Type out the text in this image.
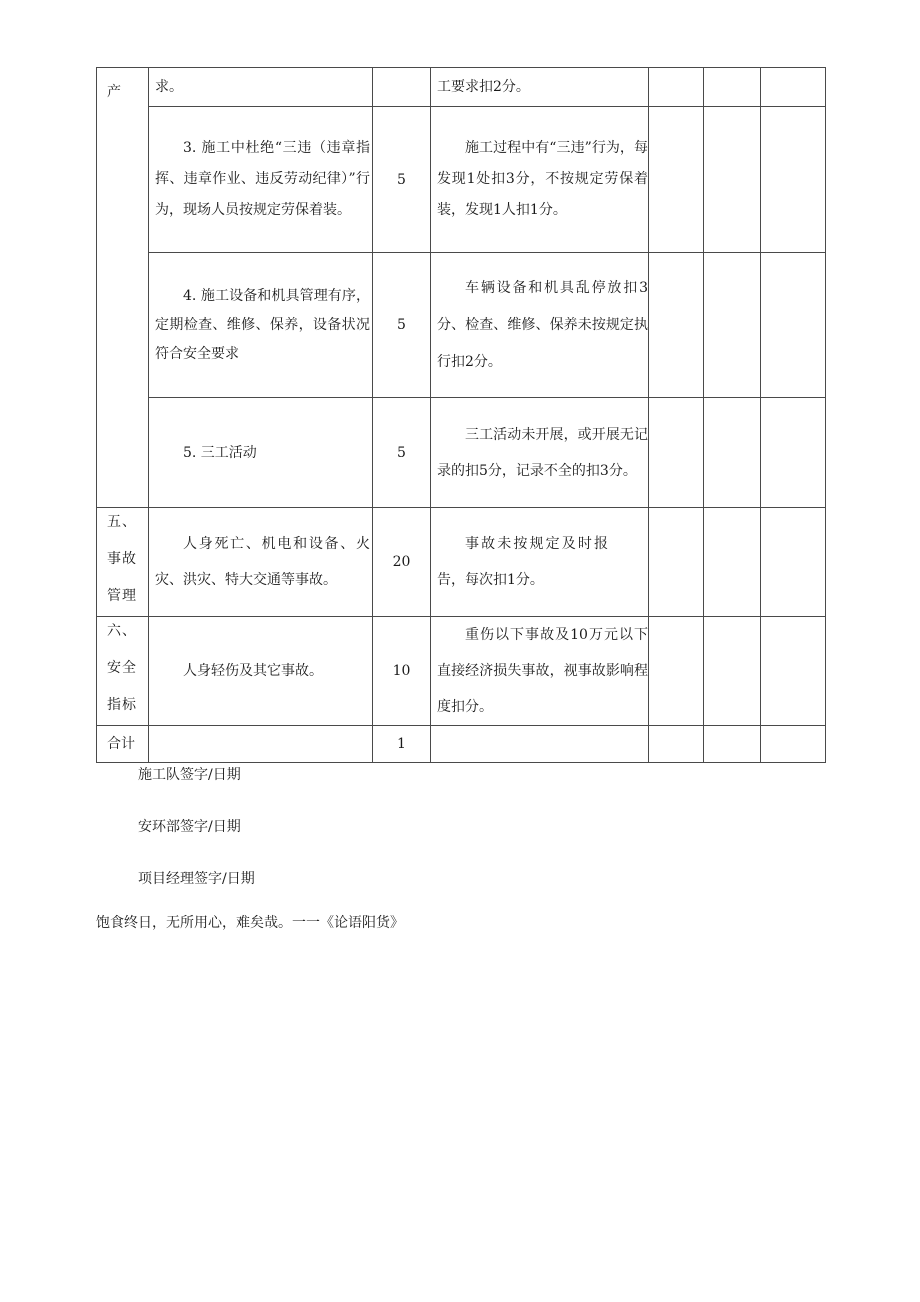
产	求。		工要求扣2分。			

	3. 施工中杜绝“三违（违章指挥、违章作业、违反劳动纪律）”行为，现场人员按规定劳保着装。	5	施工过程中有“三违”行为，每发现1处扣3分，不按规定劳保着装，发现1人扣1分。			

	4. 施工设备和机具管理有序，定期检查、维修、保养，设备状况符合安全要求	5	车辆设备和机具乱停放扣3分、检查、维修、保养未按规定执行扣2分。			

	5. 三工活动	5	三工活动未开展，或开展无记录的扣5分，记录不全的扣3分。			

五、事故管理	人身死亡、机电和设备、火灾、洪灾、特大交通等事故。	20	事故未按规定及时报告，每次扣1分。			

六、安全指标	人身轻伤及其它事故。	10	重伤以下事故及10万元以下直接经济损失事故，视事故影响程度扣分。			

合计		1				
施工队签字/日期
安环部签字/日期
项目经理签字/日期
饱食终日，无所用心，难矣哉。一一《论语阳货》
